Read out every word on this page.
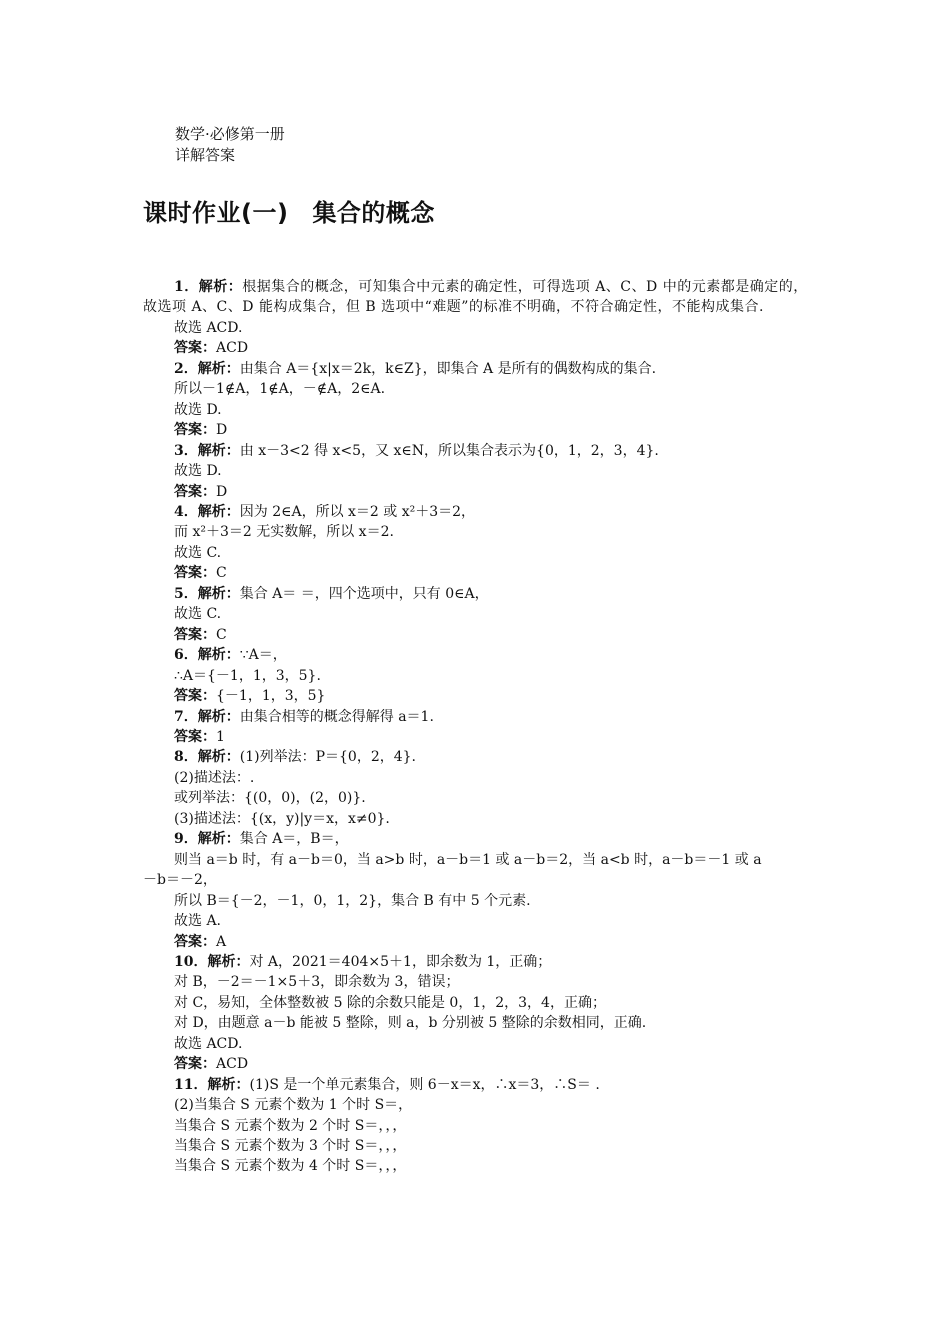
数学·必修第一册
详解答案
课时作业(一) 集合的概念
1．解析：根据集合的概念，可知集合中元素的确定性，可得选项 A、C、D 中的元素都是确定的，故选项 A、C、D 能构成集合，但 B 选项中“难题”的标准不明确，不符合确定性，不能构成集合.
故选 ACD.
答案：ACD
2．解析：由集合 A＝{x|x＝2k，k∈Z}，即集合 A 是所有的偶数构成的集合.
所以－1∉A，1∉A，－∉A，2∈A.
故选 D.
答案：D
3．解析：由 x－3<2 得 x<5，又 x∈N，所以集合表示为{0，1，2，3，4}.
故选 D.
答案：D
4．解析：因为 2∈A，所以 x＝2 或 x²＋3＝2，
而 x²＋3＝2 无实数解，所以 x＝2.
故选 C.
答案：C
5．解析：集合 A＝ ＝，四个选项中，只有 0∈A，
故选 C.
答案：C
6．解析：∵A＝，
∴A＝{－1，1，3，5}.
答案：{－1，1，3，5}
7．解析：由集合相等的概念得解得 a＝1.
答案：1
8．解析：(1)列举法：P＝{0，2，4}.
(2)描述法：.
或列举法：{(0，0)，(2，0)}.
(3)描述法：{(x，y)|y＝x，x≠0}.
9．解析：集合 A＝，B＝，
则当 a＝b 时，有 a－b＝0，当 a>b 时，a－b＝1 或 a－b＝2，当 a<b 时，a－b＝－1 或 a
－b＝－2，
所以 B＝{－2，－1，0，1，2}，集合 B 有中 5 个元素.
故选 A.
答案：A
10．解析：对 A，2021＝404×5＋1，即余数为 1，正确；
对 B，－2＝－1×5＋3，即余数为 3，错误；
对 C，易知，全体整数被 5 除的余数只能是 0，1，2，3，4，正确；
对 D，由题意 a－b 能被 5 整除，则 a，b 分别被 5 整除的余数相同，正确.
故选 ACD.
答案：ACD
11．解析：(1)S 是一个单元素集合，则 6－x＝x，∴x＝3，∴S＝ .
(2)当集合 S 元素个数为 1 个时 S＝，
当集合 S 元素个数为 2 个时 S＝，，，
当集合 S 元素个数为 3 个时 S＝，，，
当集合 S 元素个数为 4 个时 S＝，，，
